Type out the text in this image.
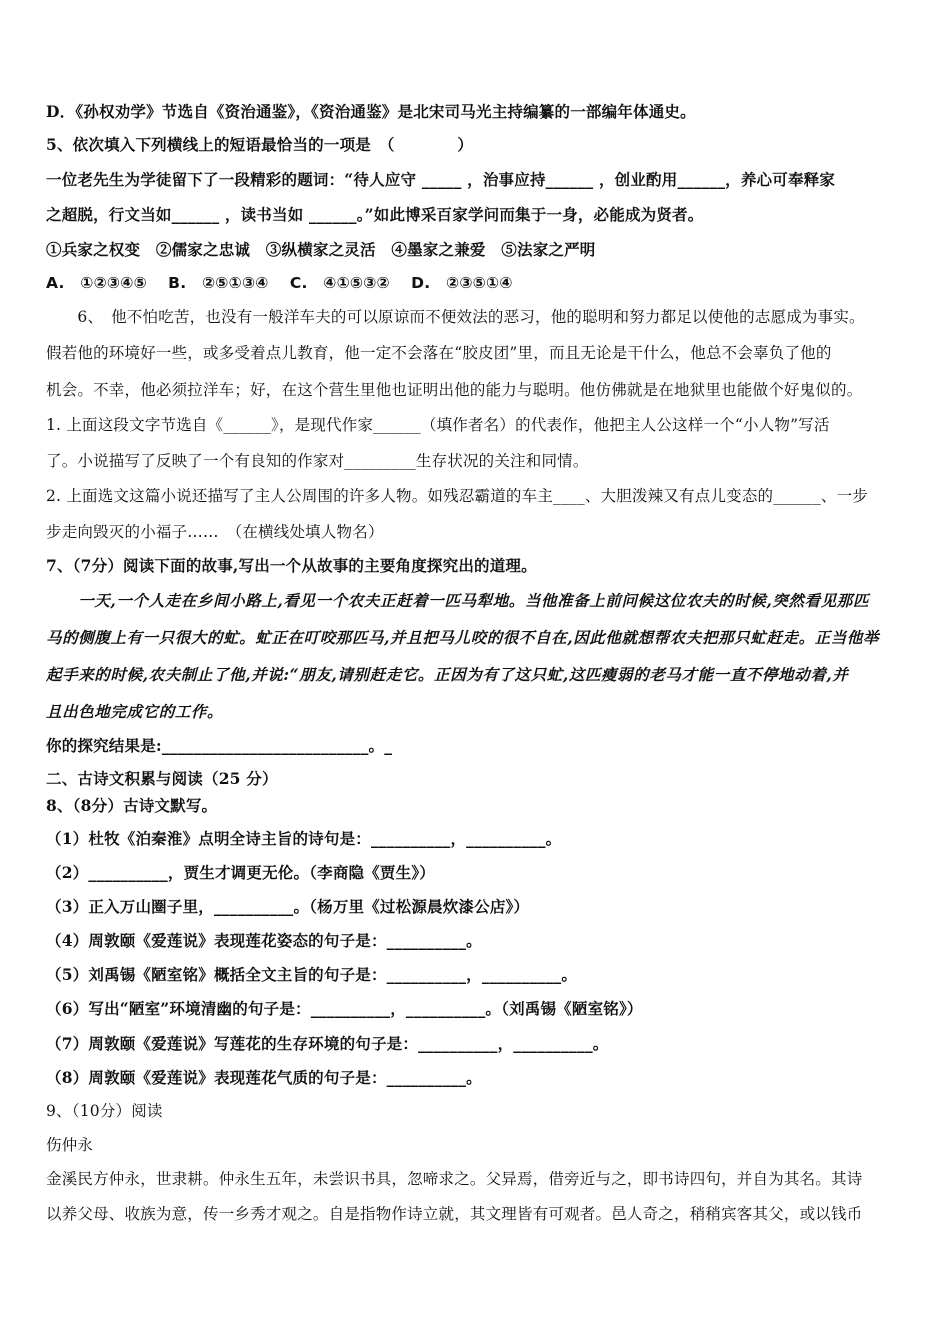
D．《孙权劝学》节选自《资治通鉴》，《资治通鉴》是北宋司马光主持编纂的一部编年体通史。
5、依次填入下列横线上的短语最恰当的一项是　（　　　　）
一位老先生为学徒留下了一段精彩的题词：“待人应守 _____ ，治事应持______ ，创业酌用______，养心可奉释家
之超脱，行文当如______ ，读书当如 ______。”如此博采百家学问而集于一身，必能成为贤者。
①兵家之权变　②儒家之忠诚　③纵横家之灵活　④墨家之兼爱　⑤法家之严明
A.　①②③④⑤　 B.　②⑤①③④　 C.　④①⑤③②　 D.　②③⑤①④
　　6、　他不怕吃苦，也没有一般洋车夫的可以原谅而不便效法的恶习，他的聪明和努力都足以使他的志愿成为事实。
假若他的环境好一些，或多受着点儿教育，他一定不会落在“胶皮团”里，而且无论是干什么，他总不会辜负了他的
机会。不幸，他必须拉洋车；好，在这个营生里他也证明出他的能力与聪明。他仿佛就是在地狱里也能做个好鬼似的。
1. 上面这段文字节选自《______》，是现代作家______（填作者名）的代表作，他把主人公这样一个“小人物”写活
了。小说描写了反映了一个有良知的作家对_________生存状况的关注和同情。
2. 上面选文这篇小说还描写了主人公周围的许多人物。如残忍霸道的车主____、大胆泼辣又有点儿变态的______、一步
步走向毁灭的小福子……　（在横线处填人物名）
7、（7分）阅读下面的故事,写出一个从故事的主要角度探究出的道理。
　　一天,一个人走在乡间小路上,看见一个农夫正赶着一匹马犁地。当他准备上前问候这位农夫的时候,突然看见那匹
马的侧腹上有一只很大的虻。虻正在叮咬那匹马,并且把马儿咬的很不自在,因此他就想帮农夫把那只虻赶走。正当他举
起手来的时候,农夫制止了他,并说:“朋友,请别赶走它。正因为有了这只虻,这匹瘦弱的老马才能一直不停地动着,并
且出色地完成它的工作。
你的探究结果是:__________________________。_
二、古诗文积累与阅读（25 分）
8、（8分）古诗文默写。
（1）杜牧《泊秦淮》点明全诗主旨的诗句是：__________，__________。
（2）__________，贾生才调更无伦。（李商隐《贾生》）
（3）正入万山圈子里，__________。（杨万里《过松源晨炊漆公店》）
（4）周敦颐《爱莲说》表现莲花姿态的句子是：__________。
（5）刘禹锡《陋室铭》概括全文主旨的句子是：__________，__________。
（6）写出“陋室”环境清幽的句子是：__________，__________。（刘禹锡《陋室铭》）
（7）周敦颐《爱莲说》写莲花的生存环境的句子是：__________，__________。
（8）周敦颐《爱莲说》表现莲花气质的句子是：__________。
9、（10分）阅读
伤仲永
金溪民方仲永，世隶耕。仲永生五年，未尝识书具，忽啼求之。父异焉，借旁近与之，即书诗四句，并自为其名。其诗
以养父母、收族为意，传一乡秀才观之。自是指物作诗立就，其文理皆有可观者。邑人奇之，稍稍宾客其父，或以钱币
